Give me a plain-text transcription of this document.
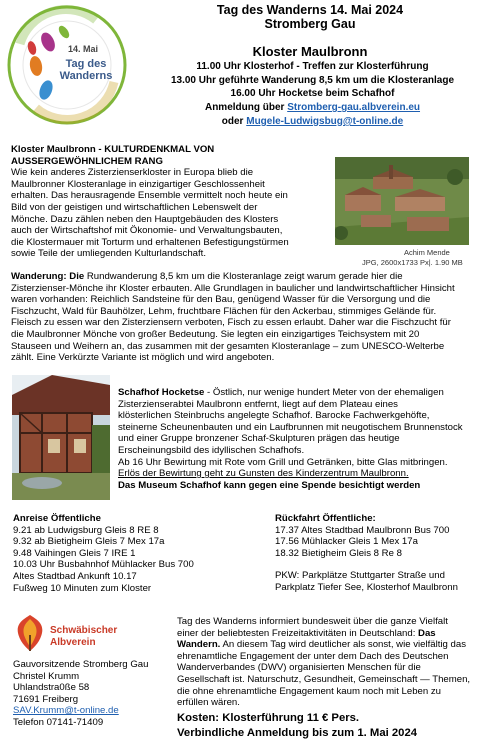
14. Mai
Tag des
Wanderns
Tag des Wanderns 14. Mai 2024
Stromberg Gau
Kloster Maulbronn
11.00 Uhr Klosterhof - Treffen zur Klosterführung
13.00 Uhr geführte Wanderung 8,5 km um die Klosteranlage
16.00 Uhr Hocketse beim Schafhof
Anmeldung über Stromberg-gau.albverein.eu
oder Mugele-Ludwigsbug@t-online.de
Kloster Maulbronn - KULTURDENKMAL VON
AUSSERGEWÖHNLICHEM RANG
Wie kein anderes Zisterzienserkloster in Europa blieb die
Maulbronner Klosteranlage in einzigartiger Geschlossenheit
erhalten. Das herausragende Ensemble vermittelt noch heute ein
Bild von der geistigen und wirtschaftlichen Lebenswelt der
Mönche. Dazu zählen neben den Hauptgebäuden des Klosters
auch der Wirtschaftshof mit Ökonomie- und Verwaltungsbauten,
die Klostermauer mit Torturm und erhaltenen Befestigungstürmen
sowie Teile der umliegenden Kulturlandschaft.	Achim Mende
JPG, 2600x1733 Px|. 1.90 MB
Wanderung: Die Rundwanderung 8,5 km um die Klosteranlage zeigt warum gerade hier die
Zisterzienser-Mönche ihr Kloster erbauten. Alle Grundlagen in baulicher und landwirtschaftlicher Hinsicht
waren vorhanden: Reichlich Sandsteine für den Bau, genügend Wasser für die Versorgung und die
Fischzucht, Wald für Bauhölzer, Lehm, fruchtbare Flächen für den Ackerbau, stimmiges Gelände für.
Fleisch zu essen war den Zisterziensern verboten, Fisch zu essen erlaubt. Daher war die Fischzucht für
die Maulbronner Mönche von großer Bedeutung. Sie legten ein einzigartiges Teichsystem mit 20
Stauseen und Weihern an, das zusammen mit der gesamten Klosteranlage – zum UNESCO-Welterbe
zählt. Eine Verkürzte Variante ist möglich und wird angeboten.
Schafhof Hocketse - Östlich, nur wenige hundert Meter von der ehemaligen
Zisterzienserabtei Maulbronn entfernt, liegt auf dem Plateau eines
klösterlichen Steinbruchs angelegte Schafhof. Barocke Fachwerkgehöfte,
steinerne Scheunenbauten und ein Laufbrunnen mit neugotischem Brunnenstock
und einer Gruppe bronzener Schaf-Skulpturen prägen das heutige
Erscheinungsbild des idyllischen Schafhofs.
Ab 16 Uhr Bewirtung mit Rote vom Grill und Getränken, bitte Glas mitbringen.
Erlös der Bewirtung geht zu Gunsten des Kinderzentrum Maulbronn.
Das Museum Schafhof kann gegen eine Spende besichtigt werden
Anreise Öffentliche
9.21 ab Ludwigsburg Gleis 8 RE 8
9.32 ab Bietigheim Gleis 7 Mex 17a
9.48 Vaihingen Gleis 7 IRE 1
10.03 Uhr Busbahnhof Mühlacker Bus 700
Altes Stadtbad Ankunft 10.17
Fußweg 10 Minuten zum Kloster
Rückfahrt Öffentliche:
17.37 Altes Stadtbad Maulbronn Bus 700
17.56 Mühlacker Gleis 1 Mex 17a
18.32 Bietigheim Gleis 8 Re 8
PKW: Parkplätze Stuttgarter Straße und
Parkplatz Tiefer See, Klosterhof Maulbronn
Schwäbischer
Albverein
Gauvorsitzende Stromberg Gau
Christel Krumm
Uhlandstra0ße 58
71691 Freiberg
SAV.Krumm@t-online.de
Telefon 07141-71409
Tag des Wanderns informiert bundesweit über die ganze Vielfalt
einer der beliebtesten Freizeitaktivitäten in Deutschland: Das
Wandern. An diesem Tag wird deutlicher als sonst, wie vielfältig das
ehrenamtliche Engagement der unter dem Dach des Deutschen
Wanderverbandes (DWV) organisierten Menschen für die
Gesellschaft ist. Naturschutz, Gesundheit, Gemeinschaft — Themen,
die ohne ehrenamtliche Engagement kaum noch mit Leben zu
erfüllen wären.
Kosten: Klosterführung 11 € Pers.
Verbindliche Anmeldung bis zum 1. Mai 2024
